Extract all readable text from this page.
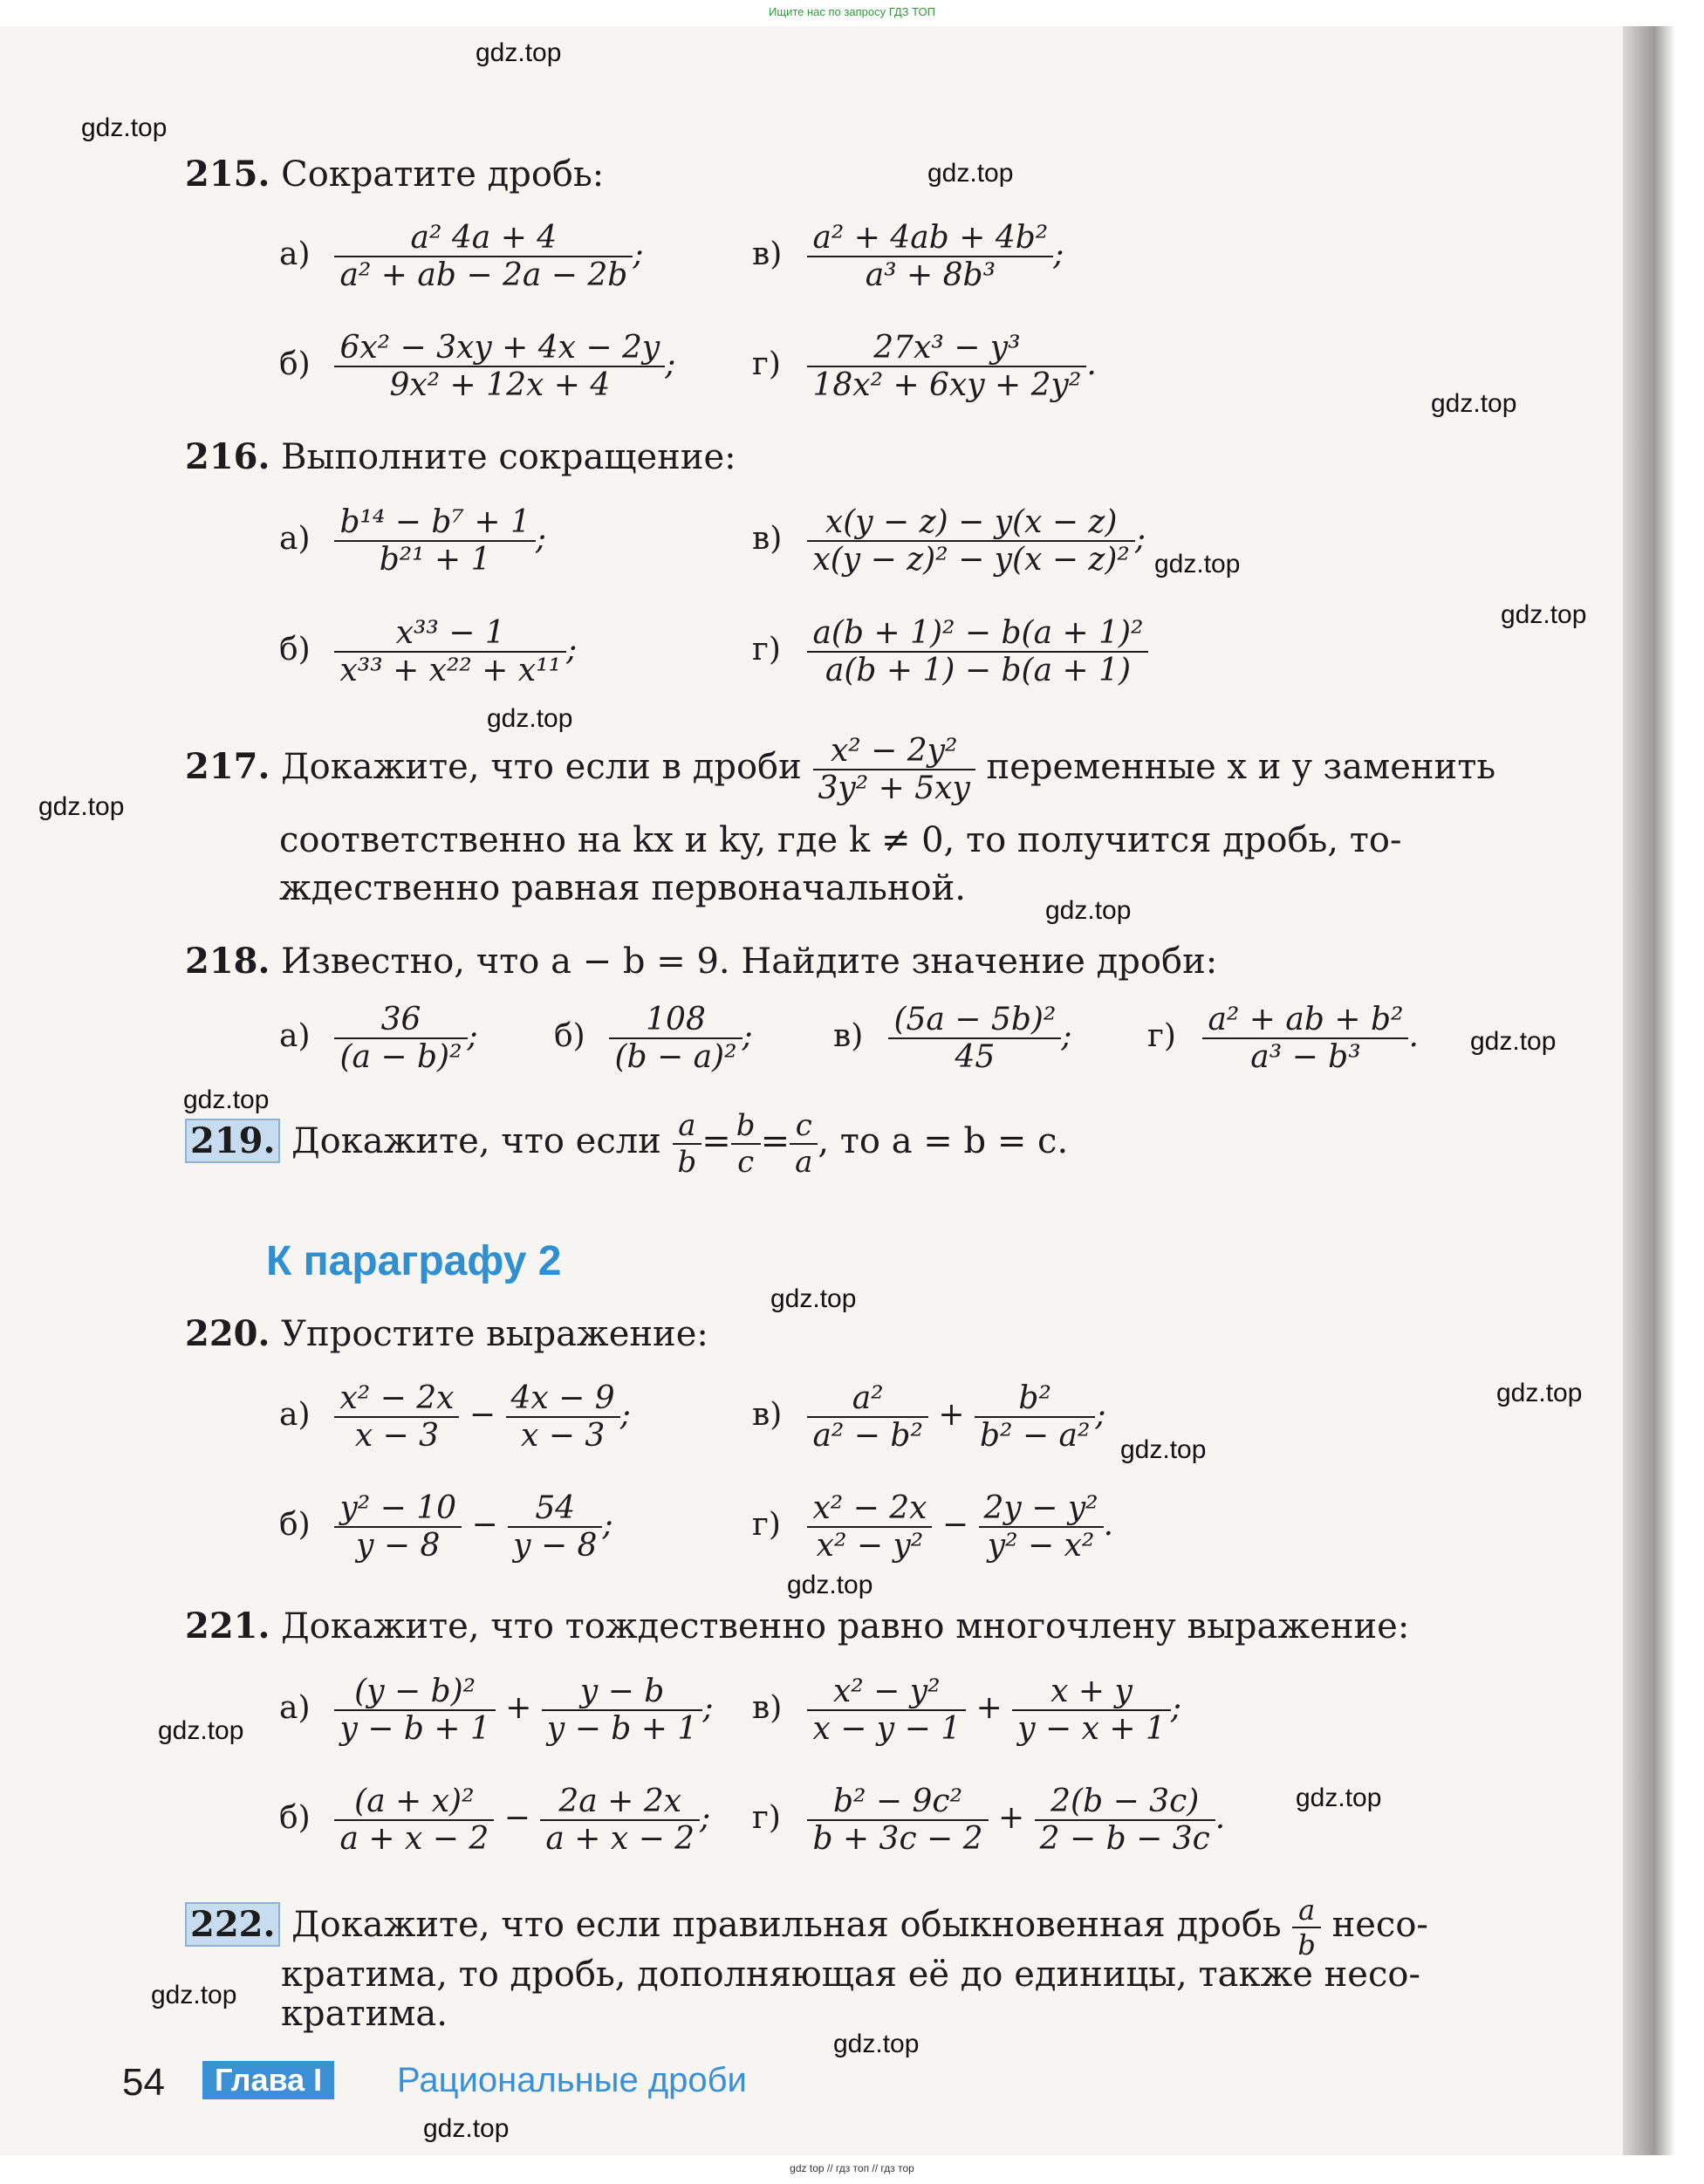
Ищите нас по запросу ГДЗ ТОП
gdz.top
gdz.top
gdz.top
gdz.top
gdz.top
gdz.top
gdz.top
gdz.top
gdz.top
gdz.top
gdz.top
gdz.top
gdz.top
gdz.top
gdz.top
gdz.top
gdz.top
gdz.top
gdz.top
gdz.top
215. Сократите дробь:
$а) \frac{\text{a² 4a + 4}}{\text{a² + ab − 2a − 2b}}$ ;	$в) \frac{\text{a² + 4ab + 4b²}}{\text{a³ + 8b³}}$ ;
$б) \frac{\text{6x² − 3xy + 4x − 2y}}{\text{9x² + 12x + 4}}$ ; $г) \frac{\text{27x³ − y³}}{\text{18x² + 6xy + 2y²}}$ .
216. Выполните сокращение:
$а) \frac{\text{b¹⁴ − b⁷ + 1}}{\text{b²¹ + 1}}$ ;	$в) \frac{x(y - z) - y(x - z)}{\text{x(y − z)² − y(x − z)²}}$ ;
$б) \frac{\text{x³³ − 1}}{\text{x³³ + x²² + x¹¹}}$ ;	$г) \frac{\text{a(b + 1)² − b(a + 1)²}}{a(b + 1) - b(a + 1)}$
217. Докажите, что если в дроби $\frac{\text{x² − 2y²}}{\text{3y² + 5xy}}$ переменные x и y заменить
соответственно на kx и ky, где k ≠ 0, то получится дробь, то-
ждественно равная первоначальной.
218. Известно, что a − b = 9. Найдите значение дроби:
$а) \frac{36}{\text{(a − b)²}}$ ; $б) \frac{108}{\text{(b − a)²}}$ ;	$в) \frac{\text{(5a − 5b)²}}{45}$ ; $г) \frac{\text{a² + ab + b²}}{\text{a³ − b³}}$ .
219. Докажите, что если $\frac{a}{b} = \frac{b}{c} = \frac{c}{a}$ , то a = b = c.
К параграфу 2
220. Упростите выражение:
$а) \frac{\text{x² − 2x}}{x - 3} - \frac{4x - 9}{x - 3}$ ;	$в) \frac{\text{a²}}{\text{a² − b²}} + \frac{\text{b²}}{\text{b² − a²}}$ ;
$б) \frac{\text{y² − 10}}{y - 8} - \frac{54}{y - 8}$ ;	$г) \frac{\text{x² − 2x}}{\text{x² − y²}} - \frac{\text{2y − y²}}{\text{y² − x²}}$ .
221. Докажите, что тождественно равно многочлену выражение:
$а) \frac{\text{(y − b)²}}{y - b + 1} + \frac{y - b}{y - b + 1}$ ; $в) \frac{\text{x² − y²}}{x - y - 1} + \frac{x + y}{y - x + 1}$ ;
$б) \frac{\text{(a + x)²}}{a + x - 2} - \frac{2a + 2x}{a + x - 2}$ ; $г) \frac{\text{b² − 9c²}}{b + 3c - 2} + \frac{2(b - 3c)}{2 - b - 3c}$ .
222. Докажите, что если правильная обыкновенная дробь $\frac{a}{b}$ несо-
кратима, то дробь, дополняющая её до единицы, также несо-
кратима.
54	Глава I	Рациональные дроби
gdz top // гдз топ // гдз тор
